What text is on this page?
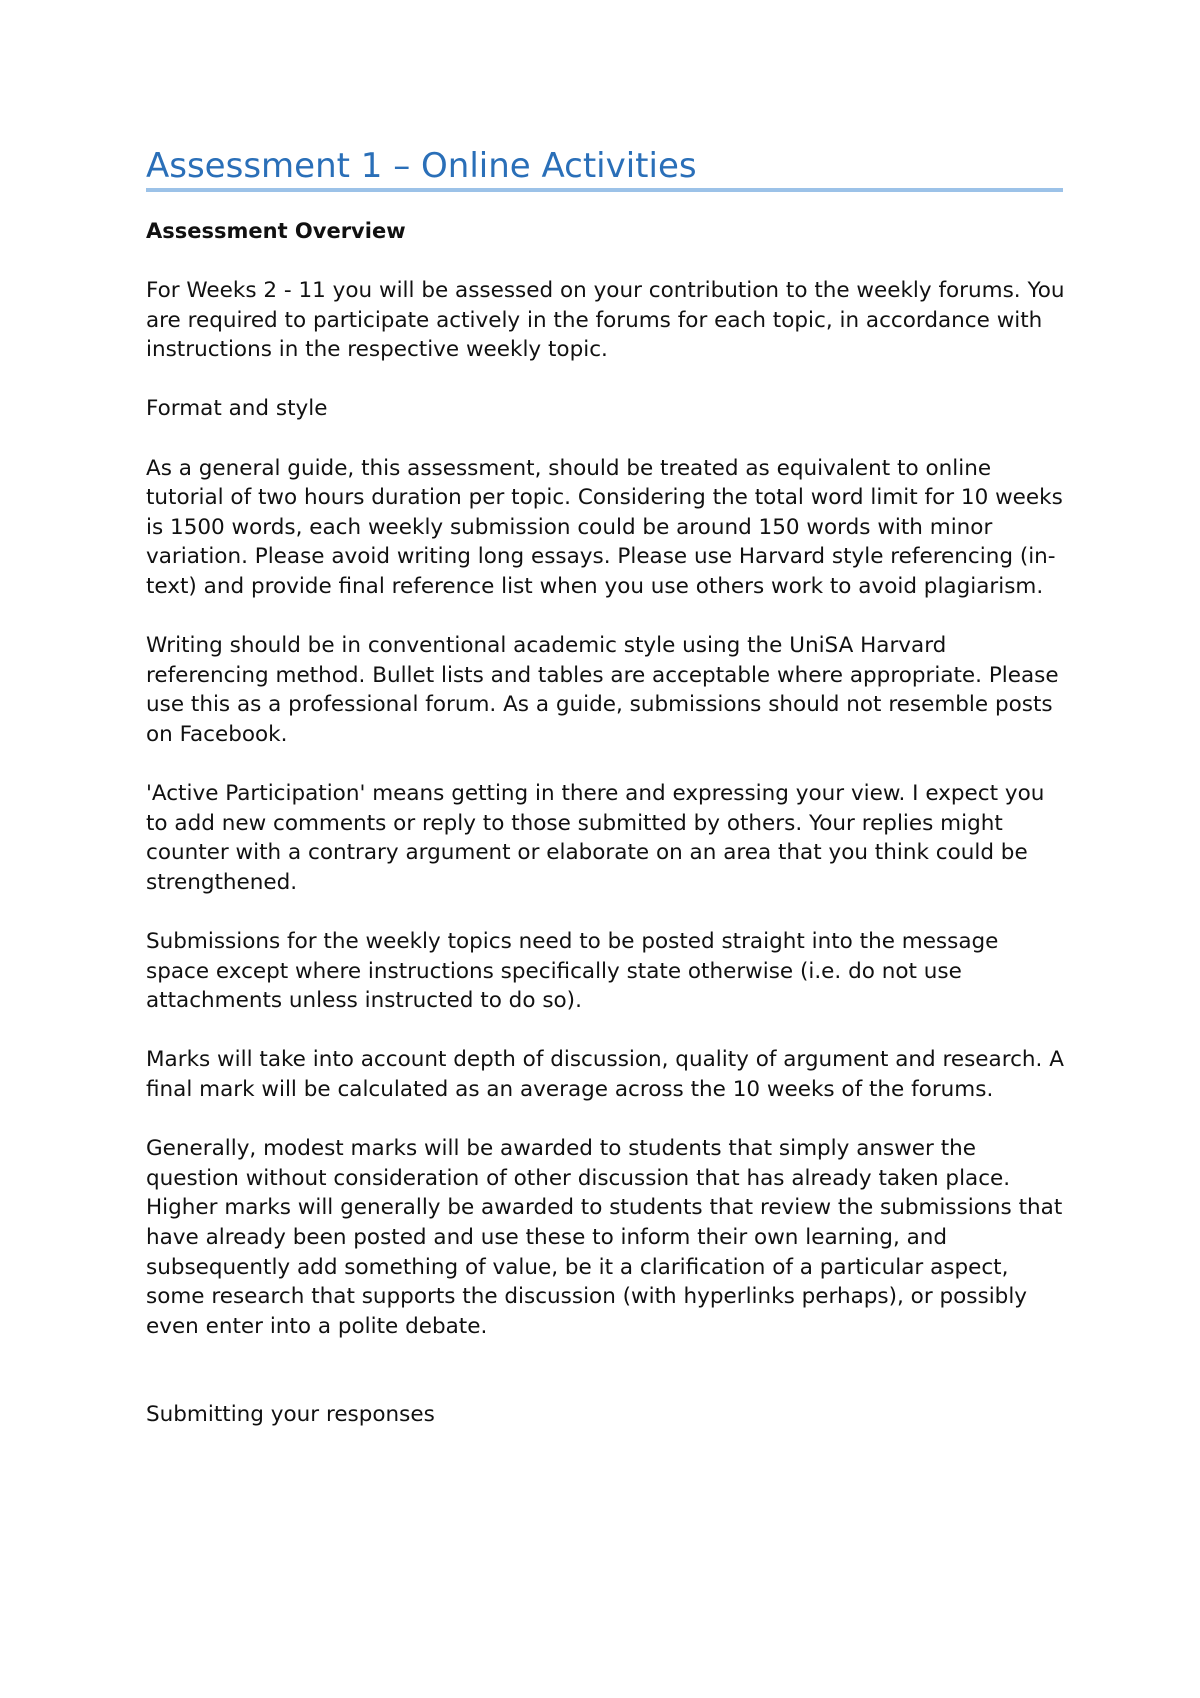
Assessment 1 – Online Activities
Assessment Overview

For Weeks 2 - 11 you will be assessed on your contribution to the weekly forums. You are required to participate actively in the forums for each topic, in accordance with instructions in the respective weekly topic.

Format and style

As a general guide, this assessment, should be treated as equivalent to online tutorial of two hours duration per topic. Considering the total word limit for 10 weeks is 1500 words, each weekly submission could be around 150 words with minor variation. Please avoid writing long essays. Please use Harvard style referencing (in-text) and provide final reference list when you use others work to avoid plagiarism.

Writing should be in conventional academic style using the UniSA Harvard referencing method. Bullet lists and tables are acceptable where appropriate. Please use this as a professional forum. As a guide, submissions should not resemble posts on Facebook.

'Active Participation' means getting in there and expressing your view. I expect you to add new comments or reply to those submitted by others. Your replies might counter with a contrary argument or elaborate on an area that you think could be strengthened.

Submissions for the weekly topics need to be posted straight into the message space except where instructions specifically state otherwise (i.e. do not use attachments unless instructed to do so).

Marks will take into account depth of discussion, quality of argument and research. A final mark will be calculated as an average across the 10 weeks of the forums.

Generally, modest marks will be awarded to students that simply answer the question without consideration of other discussion that has already taken place. Higher marks will generally be awarded to students that review the submissions that have already been posted and use these to inform their own learning, and subsequently add something of value, be it a clarification of a particular aspect, some research that supports the discussion (with hyperlinks perhaps), or possibly even enter into a polite debate.

Submitting your responses
